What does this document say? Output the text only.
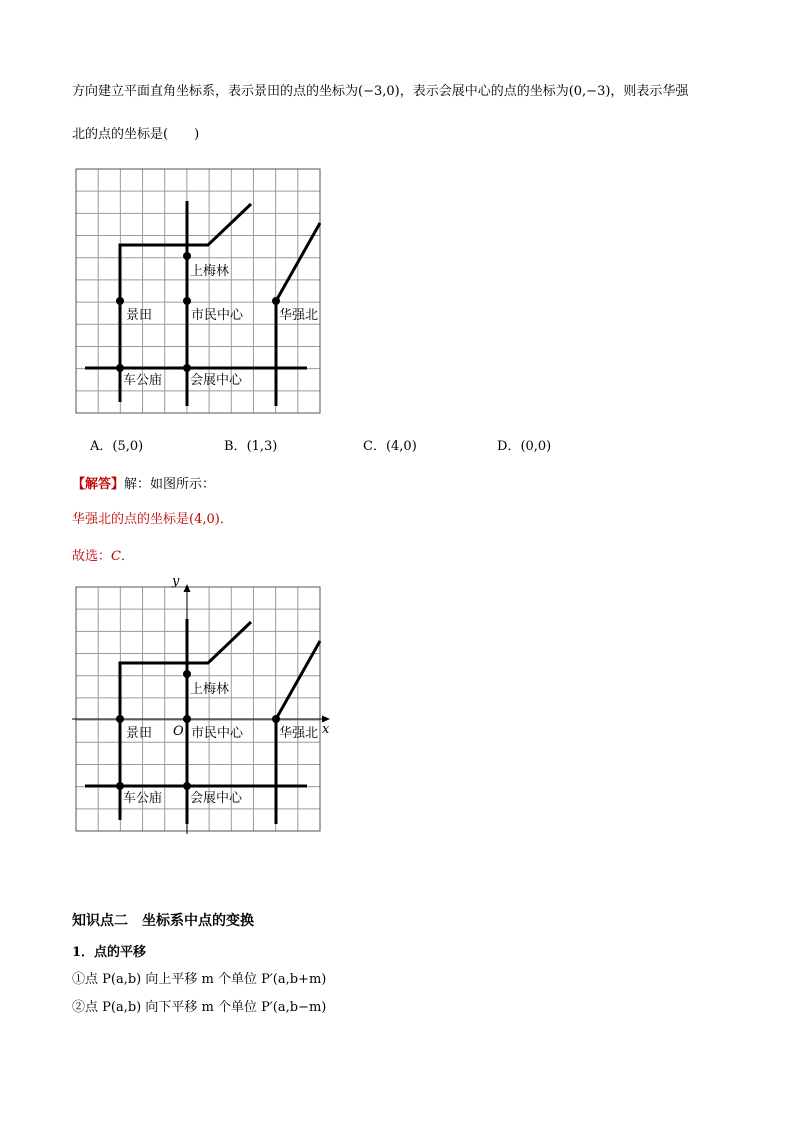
方向建立平面直角坐标系，表示景田的点的坐标为(−3,0)，表示会展中心的点的坐标为(0,−3)，则表示华强
北的点的坐标是(　　)
上梅林
景田	市民中心	华强北
车公庙 会展中心
A．(5,0)	B．(1,3)	C．(4,0)	D．(0,0)
【解答】解：如图所示：
华强北的点的坐标是(4,0)．
故选：C．
y
x
O
上梅林
景田	市民中心	华强北
车公庙 会展中心
知识点二　坐标系中点的变换
1．点的平移
①点 P(a,b) 向上平移 m 个单位 P′(a,b+m)
②点 P(a,b) 向下平移 m 个单位 P′(a,b−m)
